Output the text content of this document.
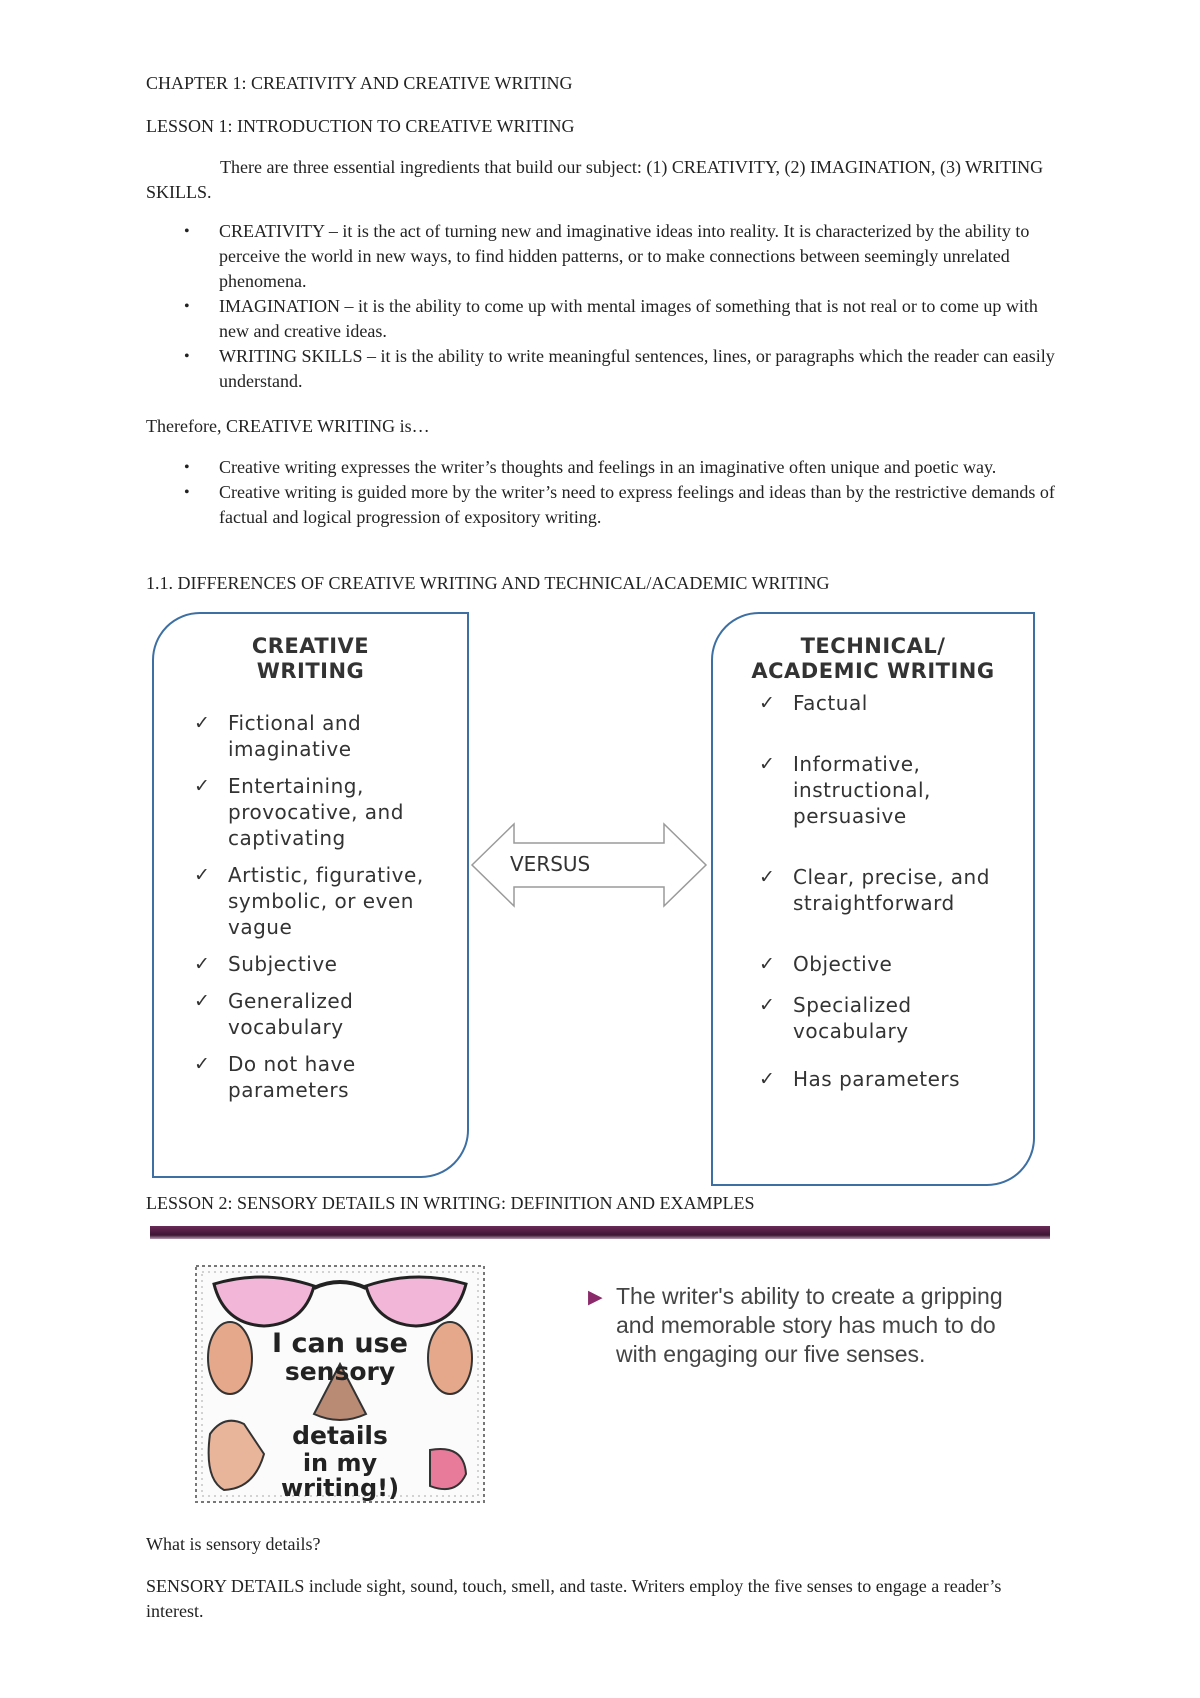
CHAPTER 1: CREATIVITY AND CREATIVE WRITING

LESSON 1: INTRODUCTION TO CREATIVE WRITING

There are three essential ingredients that build our subject: (1) CREATIVITY, (2) IMAGINATION, (3) WRITING SKILLS.

• CREATIVITY – it is the act of turning new and imaginative ideas into reality. It is characterized by the ability to perceive the world in new ways, to find hidden patterns, or to make connections between seemingly unrelated phenomena.
• IMAGINATION – it is the ability to come up with mental images of something that is not real or to come up with new and creative ideas.
• WRITING SKILLS – it is the ability to write meaningful sentences, lines, or paragraphs which the reader can easily understand.

Therefore, CREATIVE WRITING is…

• Creative writing expresses the writer’s thoughts and feelings in an imaginative often unique and poetic way.
• Creative writing is guided more by the writer’s need to express feelings and ideas than by the restrictive demands of factual and logical progression of expository writing.

1.1. DIFFERENCES OF CREATIVE WRITING AND TECHNICAL/ACADEMIC WRITING

CREATIVE
WRITING
✓ Fictional and imaginative
✓ Entertaining, provocative, and captivating
✓ Artistic, figurative, symbolic, or even vague
✓ Subjective
✓ Generalized vocabulary
✓ Do not have parameters
VERSUS
TECHNICAL/
ACADEMIC WRITING
✓ Factual
✓ Informative, instructional, persuasive
✓ Clear, precise, and straightforward
✓ Objective
✓ Specialized vocabulary
✓ Has parameters

LESSON 2: SENSORY DETAILS IN WRITING: DEFINITION AND EXAMPLES

I can use
sensory
details
in my
writing!)
▶ The writer's ability to create a gripping and memorable story has much to do with engaging our five senses.

What is sensory details?

SENSORY DETAILS include sight, sound, touch, smell, and taste. Writers employ the five senses to engage a reader’s interest.
